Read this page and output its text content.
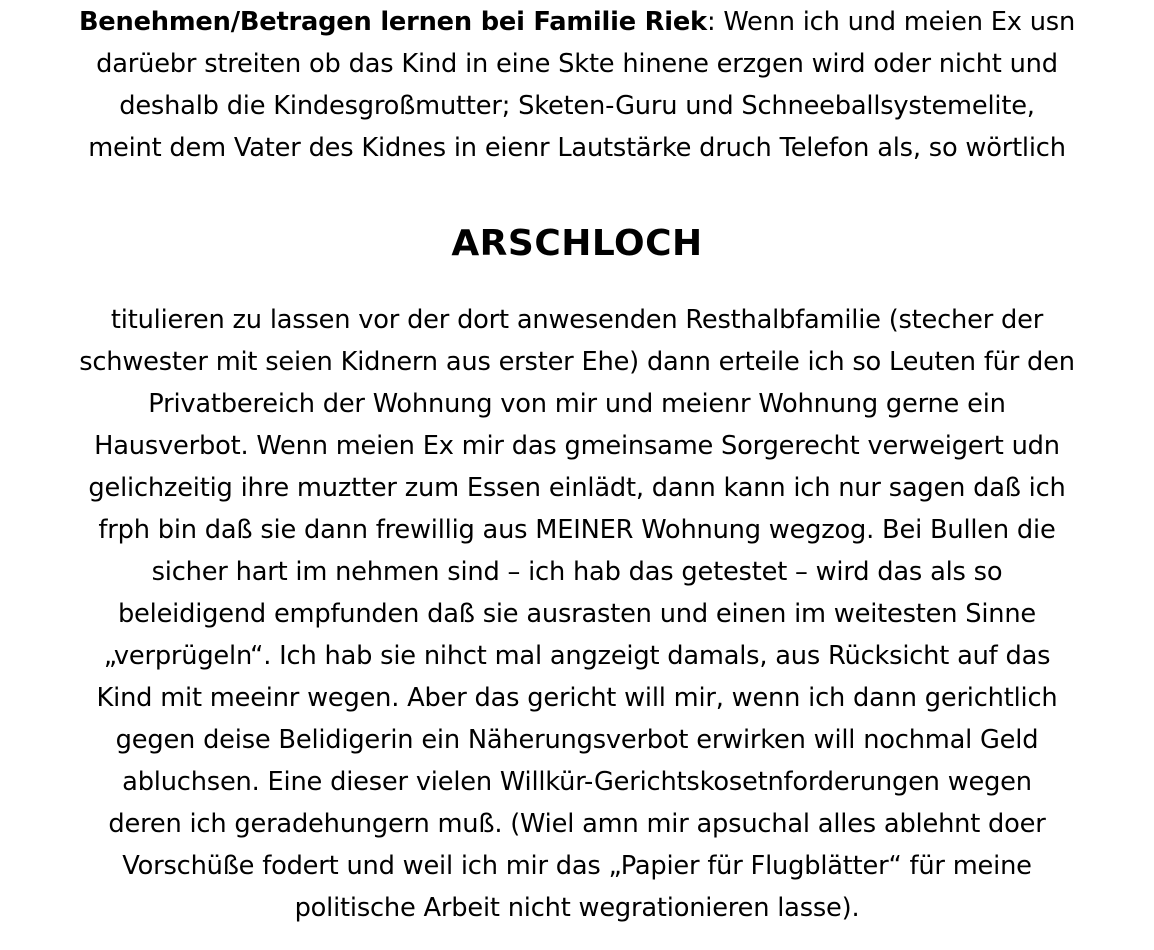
Benehmen/Betragen lernen bei Familie Riek: Wenn ich und meien Ex usn
darüebr streiten ob das Kind in eine Skte hinene erzgen wird oder nicht und
deshalb die Kindesgroßmutter; Sketen-Guru und Schneeballsystemelite,
meint dem Vater des Kidnes in eienr Lautstärke druch Telefon als, so wörtlich
ARSCHLOCH
titulieren zu lassen vor der dort anwesenden Resthalbfamilie (stecher der
schwester mit seien Kidnern aus erster Ehe) dann erteile ich so Leuten für den
Privatbereich der Wohnung von mir und meienr Wohnung gerne ein
Hausverbot. Wenn meien Ex mir das gmeinsame Sorgerecht verweigert udn
gelichzeitig ihre muztter zum Essen einlädt, dann kann ich nur sagen daß ich
frph bin daß sie dann frewillig aus MEINER Wohnung wegzog. Bei Bullen die
sicher hart im nehmen sind – ich hab das getestet – wird das als so
beleidigend empfunden daß sie ausrasten und einen im weitesten Sinne
„verprügeln“. Ich hab sie nihct mal angzeigt damals, aus Rücksicht auf das
Kind mit meeinr wegen. Aber das gericht will mir, wenn ich dann gerichtlich
gegen deise Belidigerin ein Näherungsverbot erwirken will nochmal Geld
abluchsen. Eine dieser vielen Willkür-Gerichtskosetnforderungen wegen
deren ich geradehungern muß. (Wiel amn mir apsuchal alles ablehnt doer
Vorschüße fodert und weil ich mir das „Papier für Flugblätter“ für meine
politische Arbeit nicht wegrationieren lasse).
